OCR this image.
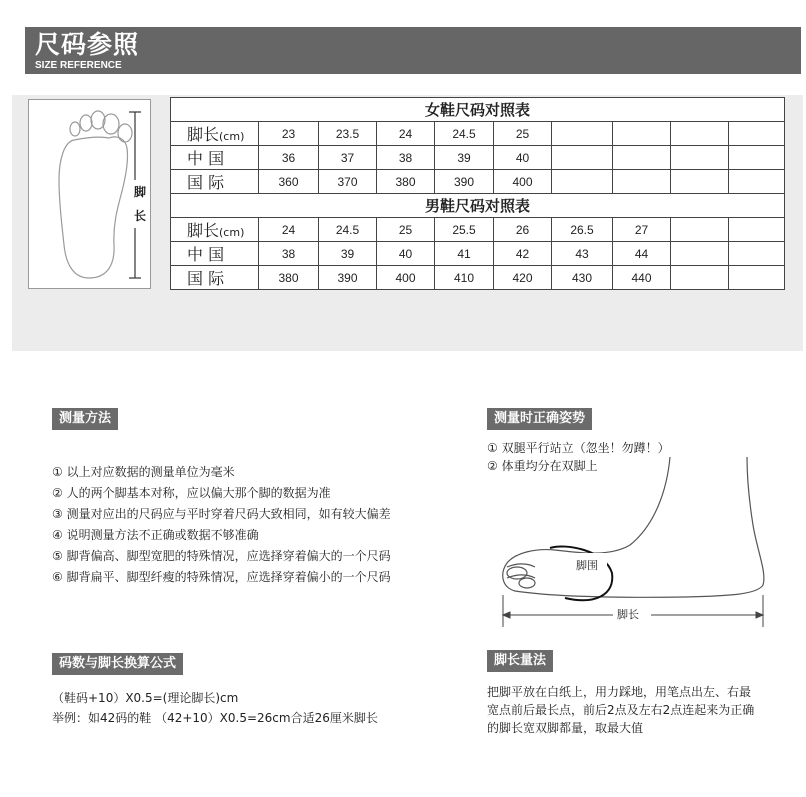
尺码参照
SIZE REFERENCE
脚
长
女鞋尺码对照表									
脚长(cm)	23	23.5	24	24.5	25				
中 国	36	37	38	39	40				
国 际	360	370	380	390	400				
男鞋尺码对照表									
脚长(cm)	24	24.5	25	25.5	26	26.5	27		
中 国	38	39	40	41	42	43	44		
国 际	380	390	400	410	420	430	440		
测量方法
① 以上对应数据的测量单位为毫米
② 人的两个脚基本对称，应以偏大那个脚的数据为准
③ 测量对应出的尺码应与平时穿着尺码大致相同，如有较大偏差
④ 说明测量方法不正确或数据不够准确
⑤ 脚背偏高、脚型宽肥的特殊情况，应选择穿着偏大的一个尺码
⑥ 脚背扁平、脚型纤瘦的特殊情况，应选择穿着偏小的一个尺码
测量时正确姿势
① 双腿平行站立（忽坐！勿蹲！）
② 体重均分在双脚上
脚围
脚长
码数与脚长换算公式
（鞋码+10）X0.5=(理论脚长)cm
举例：如42码的鞋 （42+10）X0.5=26cm合适26厘米脚长
脚长量法
把脚平放在白纸上，用力踩地，用笔点出左、右最
宽点前后最长点，前后2点及左右2点连起来为正确
的脚长宽双脚都量，取最大值
